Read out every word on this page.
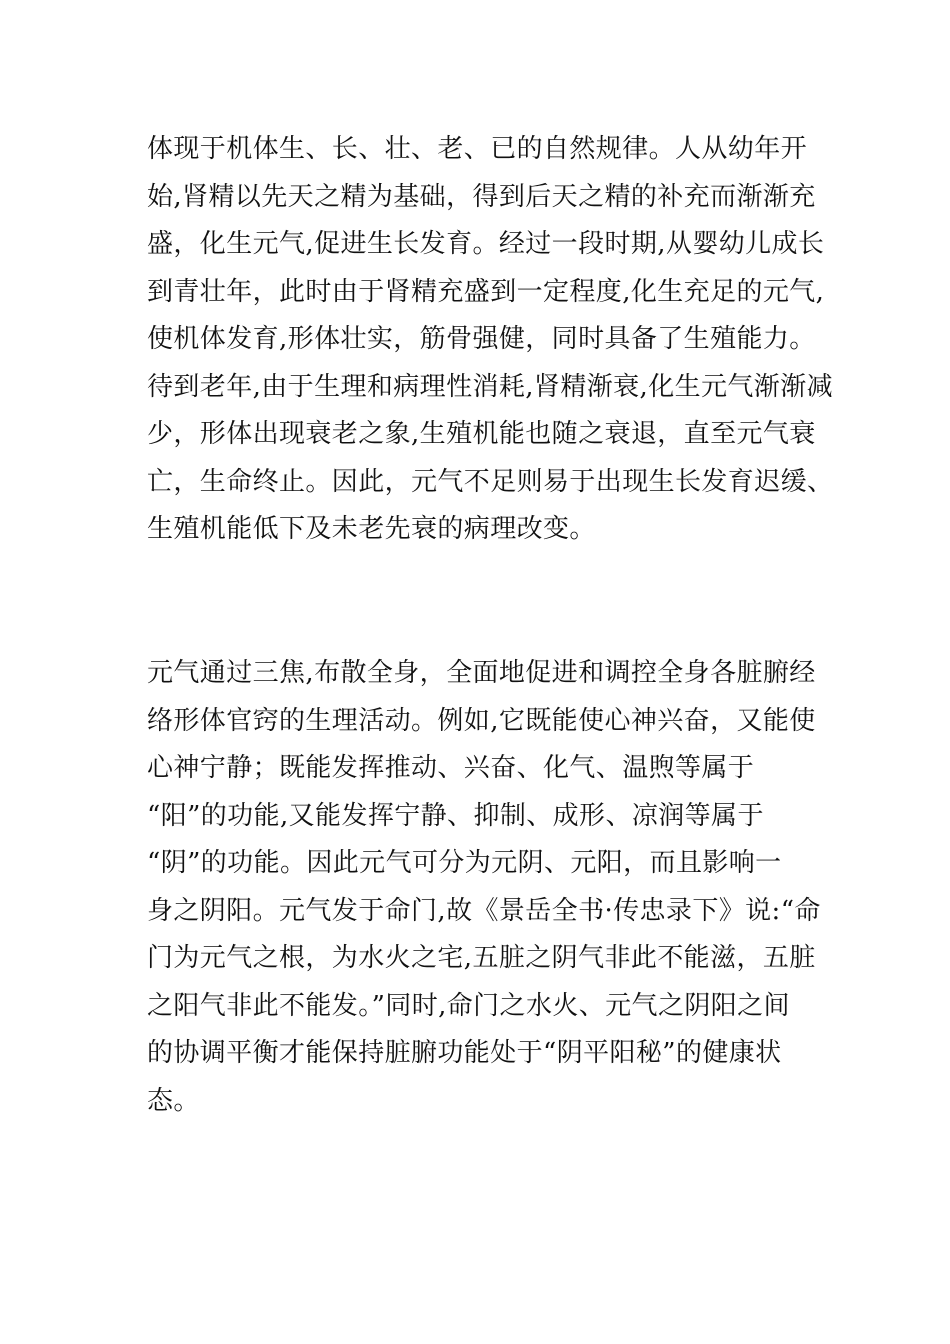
体现于机体生、长、壮、老、已的自然规律。人从幼年开
始,肾精以先天之精为基础，得到后天之精的补充而渐渐充
盛，化生元气,促进生长发育。经过一段时期,从婴幼儿成长
到青壮年，此时由于肾精充盛到一定程度,化生充足的元气,
使机体发育,形体壮实，筋骨强健，同时具备了生殖能力。
待到老年,由于生理和病理性消耗,肾精渐衰,化生元气渐渐减
少，形体出现衰老之象,生殖机能也随之衰退，直至元气衰
亡，生命终止。因此，元气不足则易于出现生长发育迟缓、
生殖机能低下及未老先衰的病理改变。
元气通过三焦,布散全身，全面地促进和调控全身各脏腑经
络形体官窍的生理活动。例如,它既能使心神兴奋，又能使
心神宁静；既能发挥推动、兴奋、化气、温煦等属于
“阳”的功能,又能发挥宁静、抑制、成形、凉润等属于
“阴”的功能。因此元气可分为元阴、元阳，而且影响一
身之阴阳。元气发于命门,故《景岳全书·传忠录下》说:“命
门为元气之根，为水火之宅,五脏之阴气非此不能滋，五脏
之阳气非此不能发。”同时,命门之水火、元气之阴阳之间
的协调平衡才能保持脏腑功能处于“阴平阳秘”的健康状
态。
